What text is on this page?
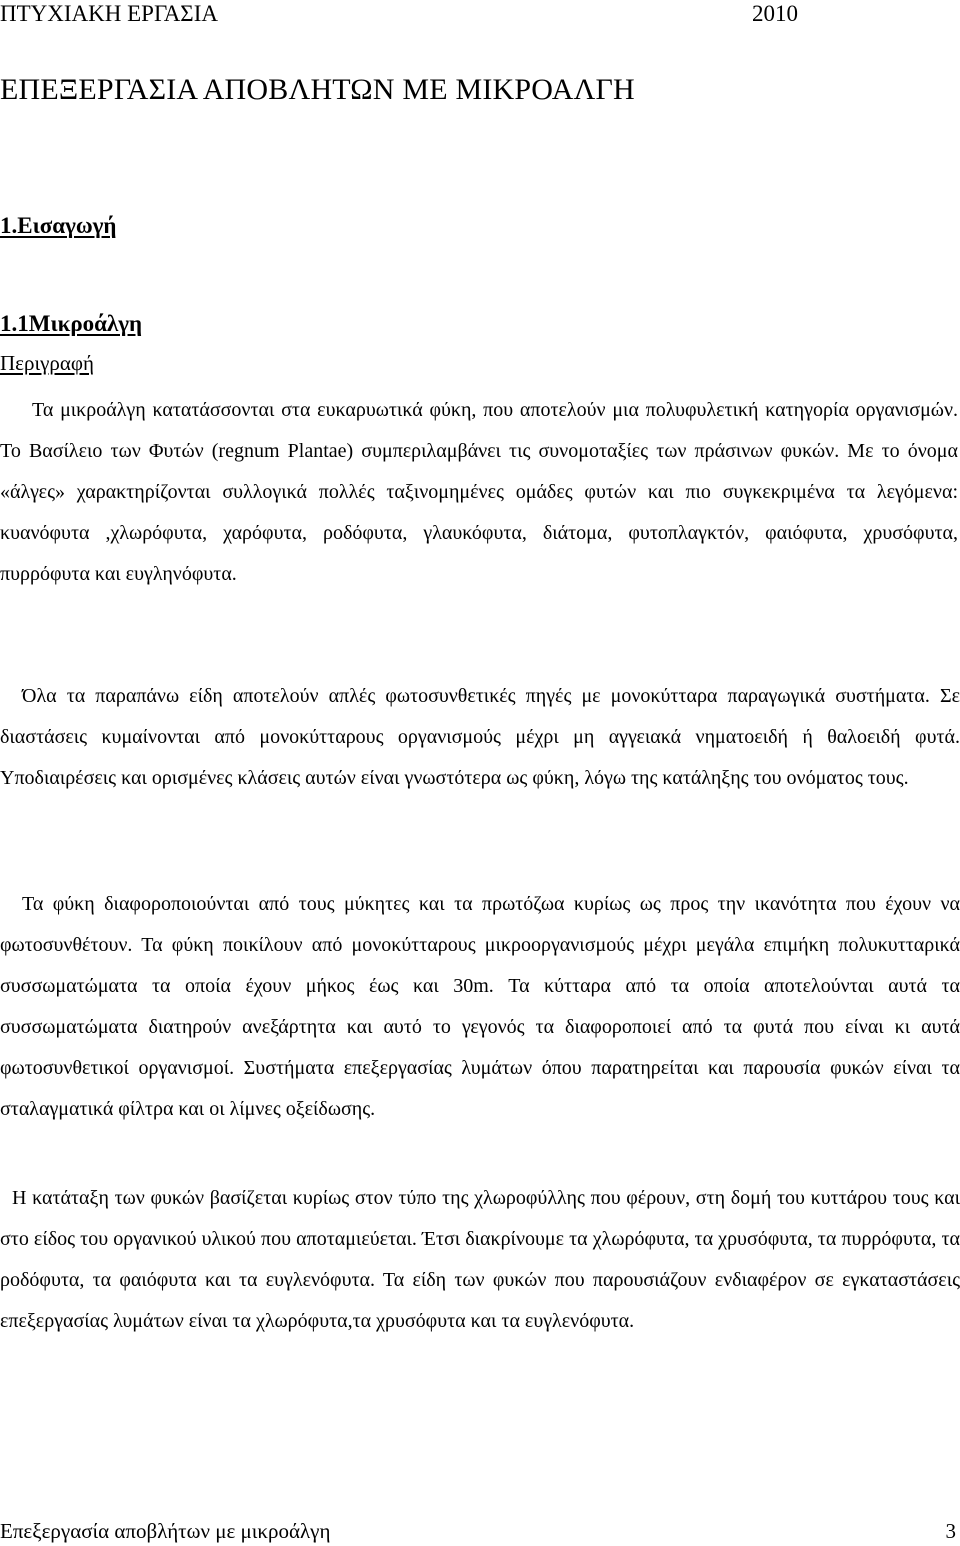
ΠΤΥΧΙΑΚΗ ΕΡΓΑΣΙΑ	2010
ΕΠΕΞΕΡΓΑΣΙΑ ΑΠΟΒΛΗΤΩΝ ΜΕ ΜΙΚΡΟΑΛΓΗ
1.Εισαγωγή
1.1Μικροάλγη
Περιγραφή

Τα μικροάλγη κατατάσσονται στα ευκαρυωτικά φύκη, που αποτελούν μια πολυφυλετική κατηγορία οργανισμών. Το Βασίλειο των Φυτών (regnum Plantae) συμπεριλαμβάνει τις συνομοταξίες των πράσινων φυκών. Με το όνομα «άλγες» χαρακτηρίζονται συλλογικά πολλές ταξινομημένες ομάδες φυτών και πιο συγκεκριμένα τα λεγόμενα: κυανόφυτα ,χλωρόφυτα, χαρόφυτα, ροδόφυτα, γλαυκόφυτα, διάτομα, φυτοπλαγκτόν, φαιόφυτα, χρυσόφυτα, πυρρόφυτα και ευγληνόφυτα.

Όλα τα παραπάνω είδη αποτελούν απλές φωτοσυνθετικές πηγές με μονοκύτταρα παραγωγικά συστήματα. Σε διαστάσεις κυμαίνονται από μονοκύτταρους οργανισμούς μέχρι μη αγγειακά νηματοειδή ή θαλοειδή φυτά. Υποδιαιρέσεις και ορισμένες κλάσεις αυτών είναι γνωστότερα ως φύκη, λόγω της κατάληξης του ονόματος τους.

Τα φύκη διαφοροποιούνται από τους μύκητες και τα πρωτόζωα κυρίως ως προς την ικανότητα που έχουν να φωτοσυνθέτουν. Τα φύκη ποικίλουν από μονοκύτταρους μικροοργανισμούς μέχρι μεγάλα επιμήκη πολυκυτταρικά συσσωματώματα τα οποία έχουν μήκος έως και 30m. Τα κύτταρα από τα οποία αποτελούνται αυτά τα συσσωματώματα διατηρούν ανεξάρτητα και αυτό το γεγονός τα διαφοροποιεί από τα φυτά που είναι κι αυτά φωτοσυνθετικοί οργανισμοί. Συστήματα επεξεργασίας λυμάτων όπου παρατηρείται και παρουσία φυκών είναι τα σταλαγματικά φίλτρα και οι λίμνες οξείδωσης.

Η κατάταξη των φυκών βασίζεται κυρίως στον τύπο της χλωροφύλλης που φέρουν, στη δομή του κυττάρου τους και στο είδος του οργανικού υλικού που αποταμιεύεται. Έτσι διακρίνουμε τα χλωρόφυτα, τα χρυσόφυτα, τα πυρρόφυτα, τα ροδόφυτα, τα φαιόφυτα και τα ευγλενόφυτα. Τα είδη των φυκών που παρουσιάζουν ενδιαφέρον σε εγκαταστάσεις επεξεργασίας λυμάτων είναι τα χλωρόφυτα,τα χρυσόφυτα και τα ευγλενόφυτα.

Επεξεργασία αποβλήτων με μικροάλγη	3
